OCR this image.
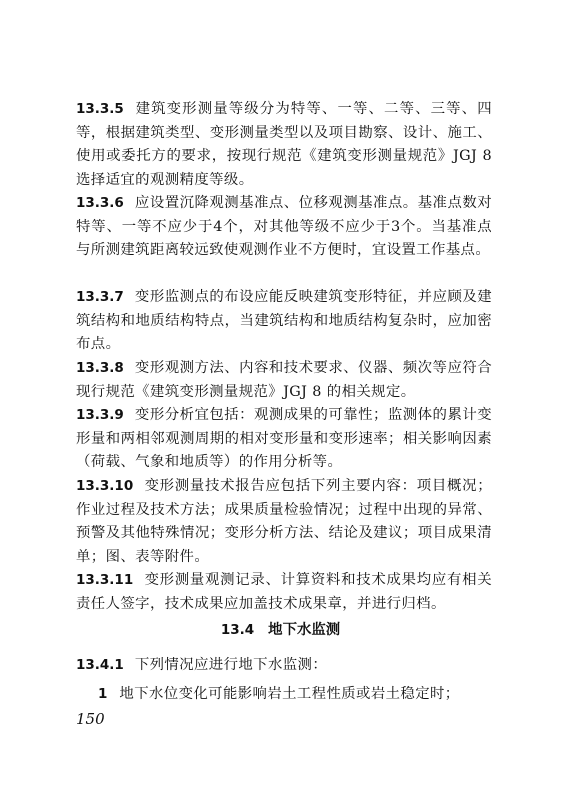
13.3.5 建筑变形测量等级分为特等、一等、二等、三等、四等，根据建筑类型、变形测量类型以及项目勘察、设计、施工、使用或委托方的要求，按现行规范《建筑变形测量规范》JGJ 8选择适宜的观测精度等级。
13.3.6 应设置沉降观测基准点、位移观测基准点。基准点数对特等、一等不应少于4个，对其他等级不应少于3个。当基准点与所测建筑距离较远致使观测作业不方便时，宜设置工作基点。
13.3.7 变形监测点的布设应能反映建筑变形特征，并应顾及建筑结构和地质结构特点，当建筑结构和地质结构复杂时，应加密布点。
13.3.8 变形观测方法、内容和技术要求、仪器、频次等应符合现行规范《建筑变形测量规范》JGJ 8 的相关规定。
13.3.9 变形分析宜包括：观测成果的可靠性；监测体的累计变形量和两相邻观测周期的相对变形量和变形速率；相关影响因素（荷载、气象和地质等）的作用分析等。
13.3.10 变形测量技术报告应包括下列主要内容：项目概况；作业过程及技术方法；成果质量检验情况；过程中出现的异常、预警及其他特殊情况；变形分析方法、结论及建议；项目成果清单；图、表等附件。
13.3.11 变形测量观测记录、计算资料和技术成果均应有相关责任人签字，技术成果应加盖技术成果章，并进行归档。
13.4 地下水监测
13.4.1 下列情况应进行地下水监测：
1 地下水位变化可能影响岩土工程性质或岩土稳定时；
150
